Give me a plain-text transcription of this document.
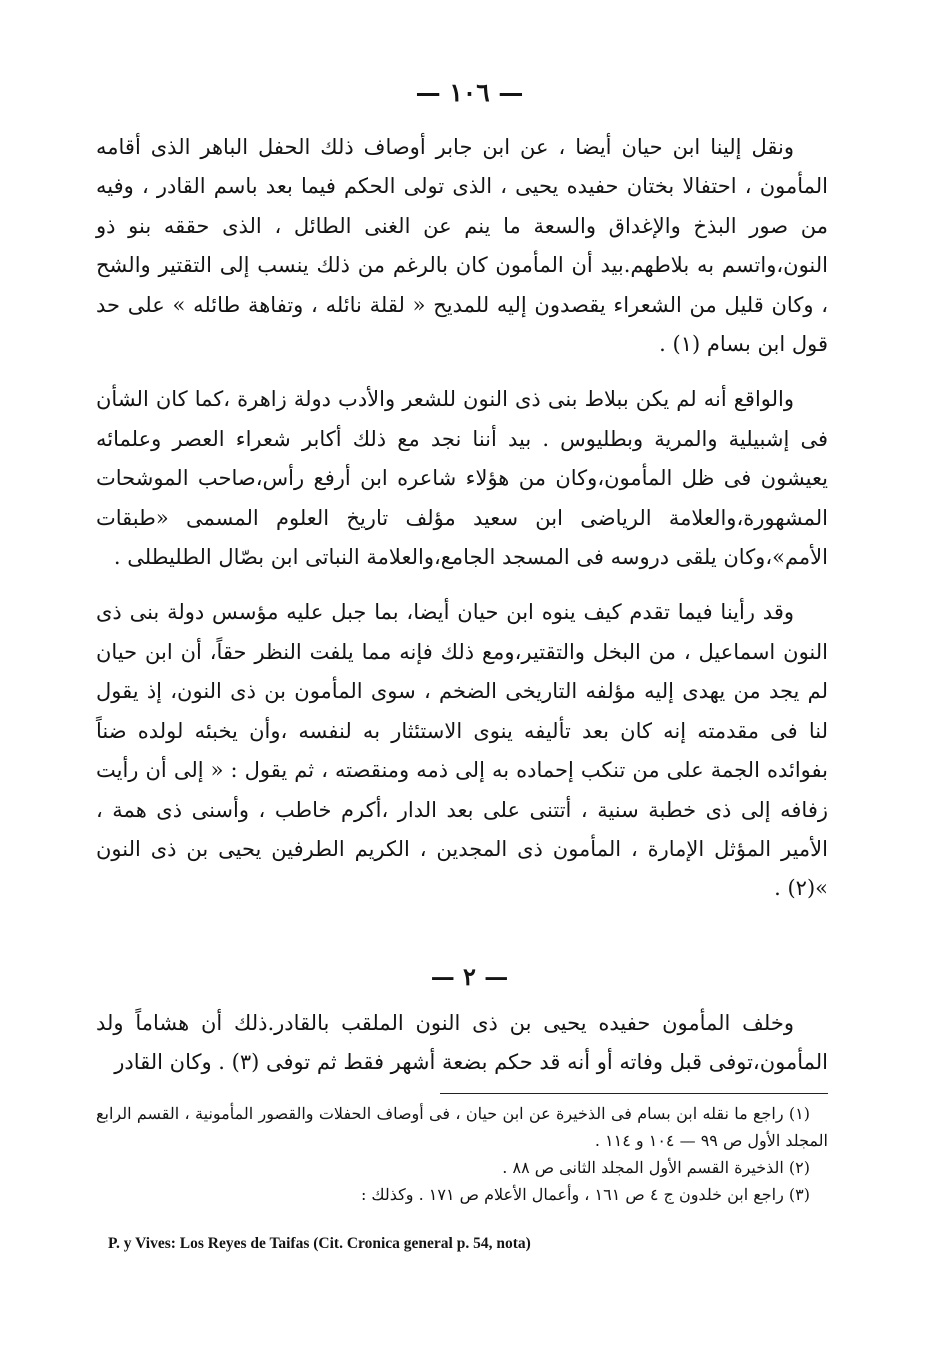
— ١٠٦ —

ونقل إلينا ابن حيان أيضا ، عن ابن جابر أوصاف ذلك الحفل الباهر الذى أقامه المأمون ، احتفالا بختان حفيده يحيى ، الذى تولى الحكم فيما بعد باسم القادر ، وفيه من صور البذخ والإغداق والسعة ما ينم عن الغنى الطائل ، الذى حققه بنو ذو النون،واتسم به بلاطهم.بيد أن المأمون كان بالرغم من ذلك ينسب إلى التقتير والشح ، وكان قليل من الشعراء يقصدون إليه للمديح « لقلة نائله ، وتفاهة طائله » على حد قول ابن بسام (١) .

والواقع أنه لم يكن ببلاط بنى ذى النون للشعر والأدب دولة زاهرة ،كما كان الشأن فى إشبيلية والمرية وبطليوس . بيد أننا نجد مع ذلك أكابر شعراء العصر وعلمائه يعيشون فى ظل المأمون،وكان من هؤلاء شاعره ابن أرفع رأس،صاحب الموشحات المشهورة،والعلامة الرياضى ابن سعيد مؤلف تاريخ العلوم المسمى «طبقات الأمم»،وكان يلقى دروسه فى المسجد الجامع،والعلامة النباتى ابن بصّال الطليطلى .

وقد رأينا فيما تقدم كيف ينوه ابن حيان أيضا، بما جبل عليه مؤسس دولة بنى ذى النون اسماعيل ، من البخل والتقتير،ومع ذلك فإنه مما يلفت النظر حقاً، أن ابن حيان لم يجد من يهدى إليه مؤلفه التاريخى الضخم ، سوى المأمون بن ذى النون، إذ يقول لنا فى مقدمته إنه كان بعد تأليفه ينوى الاستئثار به لنفسه ،وأن يخبئه لولده ضناً بفوائده الجمة على من تنكب إحماده به إلى ذمه ومنقصته ، ثم يقول : « إلى أن رأيت زفافه إلى ذى خطبة سنية ، أتتنى على بعد الدار ،أكرم خاطب ، وأسنى ذى همة ، الأمير المؤثل الإمارة ، المأمون ذى المجدين ، الكريم الطرفين يحيى بن ذى النون »(٢) .

— ٢ —

وخلف المأمون حفيده يحيى بن ذى النون الملقب بالقادر.ذلك أن هشاماً ولد المأمون،توفى قبل وفاته أو أنه قد حكم بضعة أشهر فقط ثم توفى (٣) . وكان القادر

(١) راجع ما نقله ابن بسام فى الذخيرة عن ابن حيان ، فى أوصاف الحفلات والقصور المأمونية ، القسم الرابع المجلد الأول ص ٩٩ — ١٠٤ و ١١٤ .

(٢) الذخيرة القسم الأول المجلد الثانى ص ٨٨ .

(٣) راجع ابن خلدون ج ٤ ص ١٦١ ، وأعمال الأعلام ص ١٧١ . وكذلك :

P. y Vives: Los Reyes de Taifas (Cit. Cronica general p. 54, nota)
